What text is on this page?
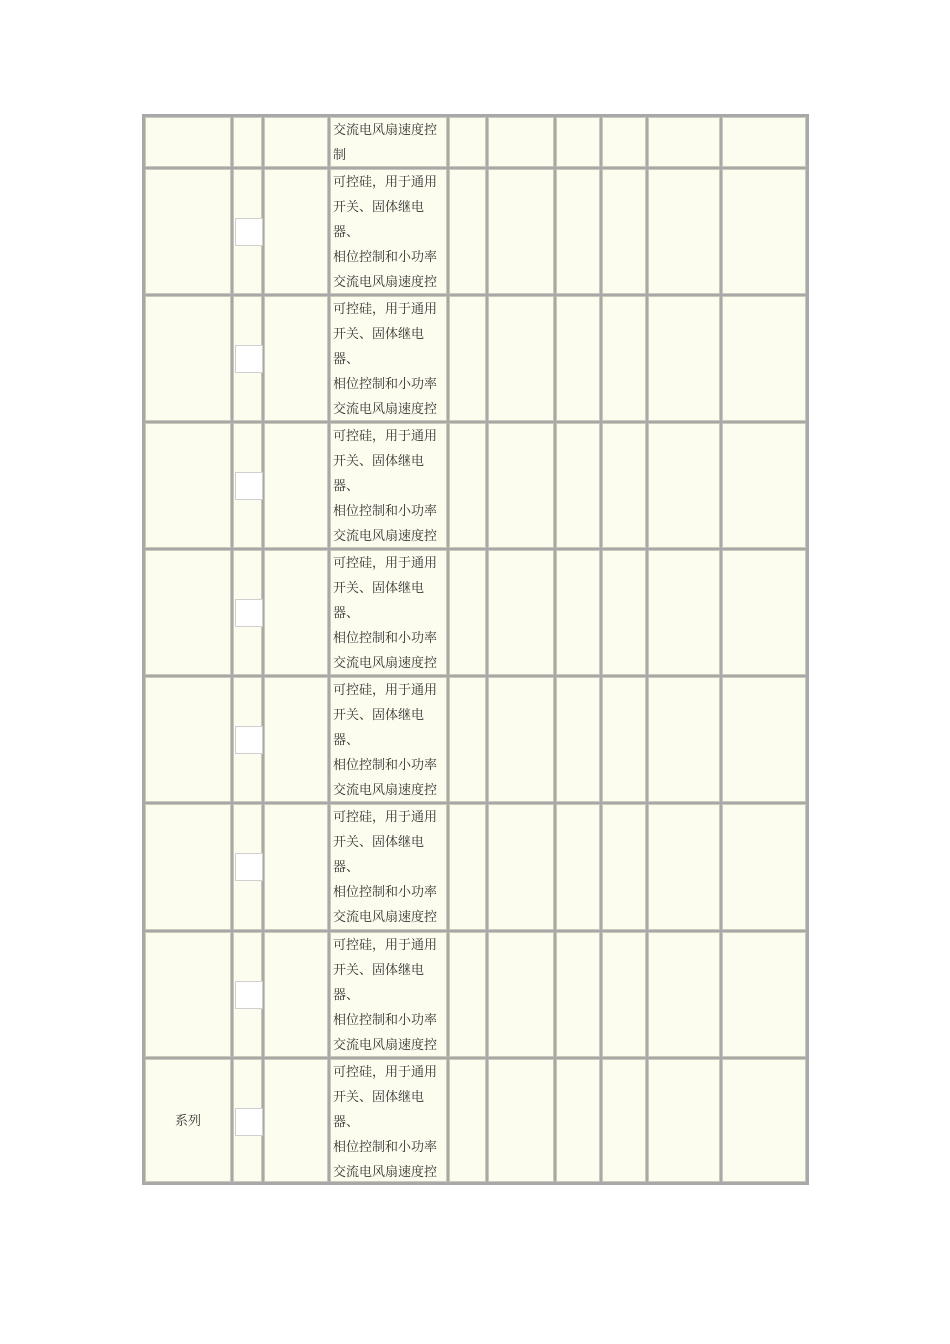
交流电风扇速度控
制
可控硅，用于通用
开关、固体继电器、
相位控制和小功率
交流电风扇速度控
可控硅，用于通用
开关、固体继电器、
相位控制和小功率
交流电风扇速度控
可控硅，用于通用
开关、固体继电器、
相位控制和小功率
交流电风扇速度控
可控硅，用于通用
开关、固体继电器、
相位控制和小功率
交流电风扇速度控
可控硅，用于通用
开关、固体继电器、
相位控制和小功率
交流电风扇速度控
可控硅，用于通用
开关、固体继电器、
相位控制和小功率
交流电风扇速度控
可控硅，用于通用
开关、固体继电器、
相位控制和小功率
交流电风扇速度控
系列
可控硅，用于通用
开关、固体继电器、
相位控制和小功率
交流电风扇速度控
